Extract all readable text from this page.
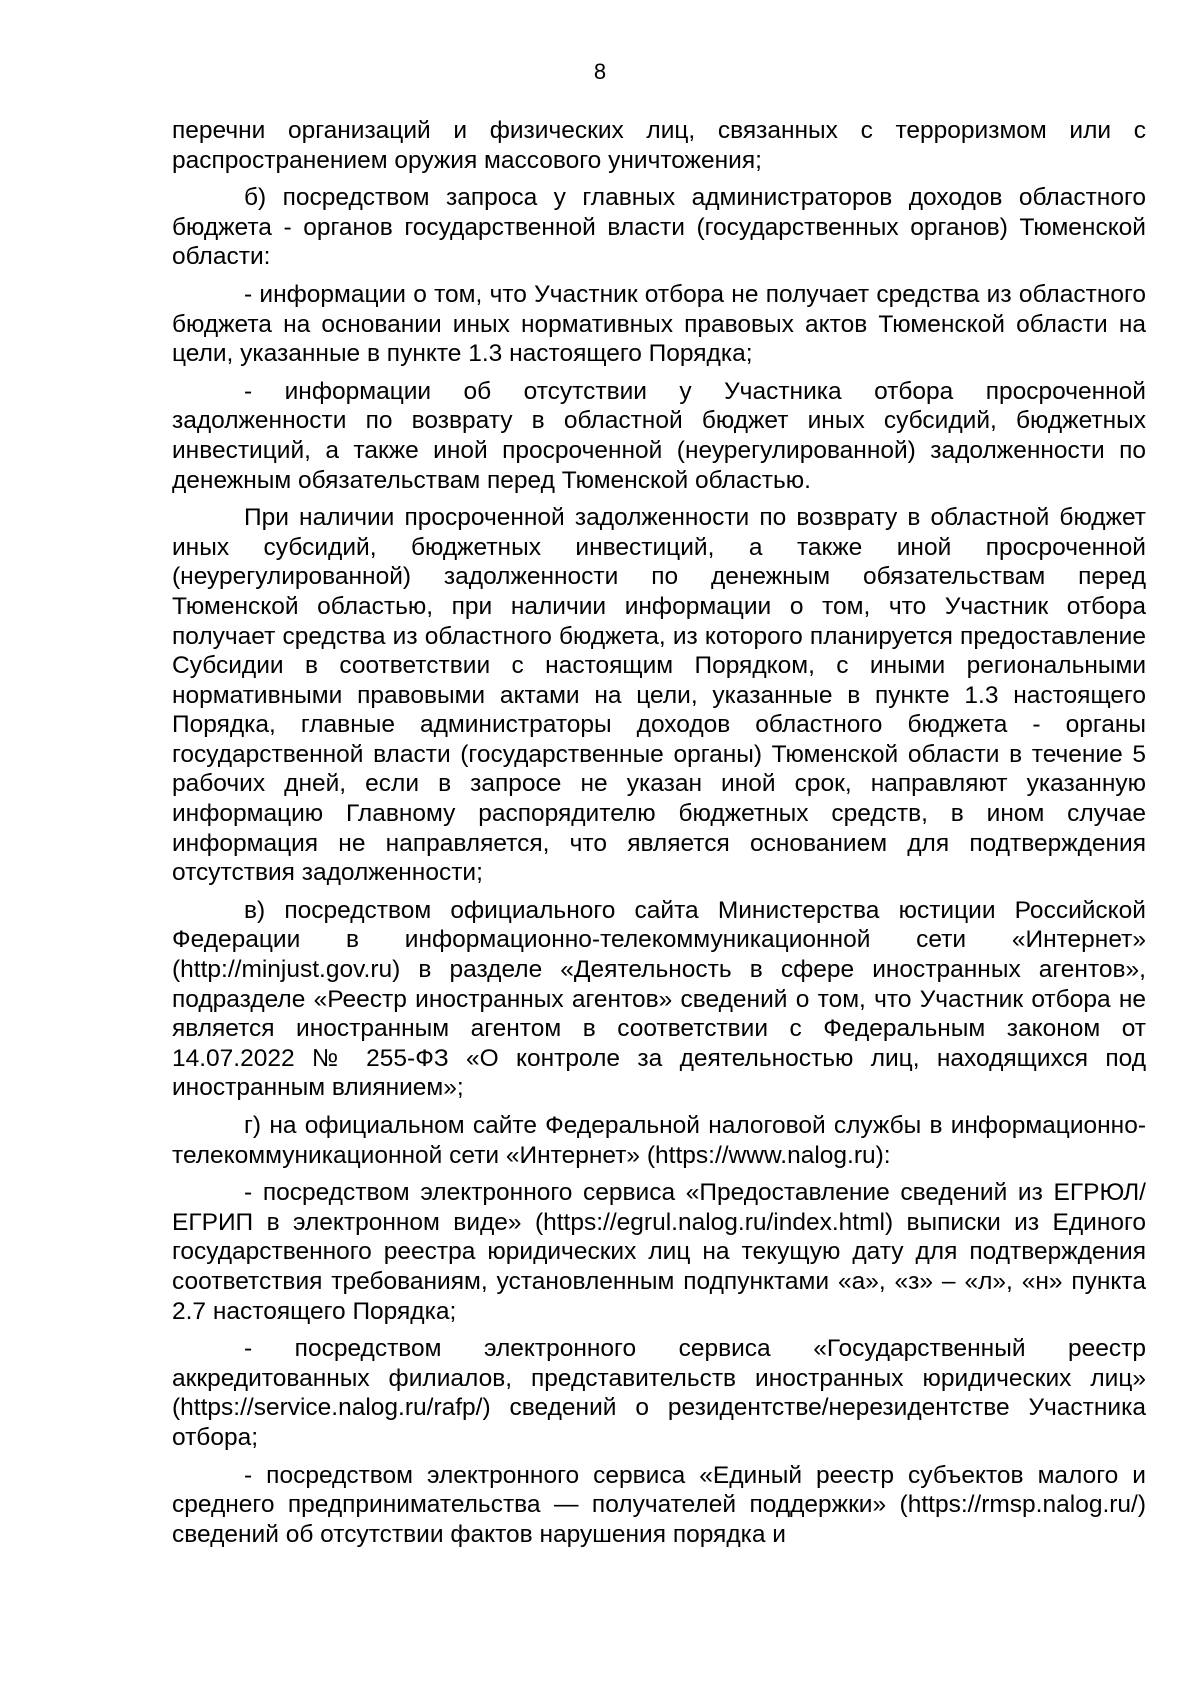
8

перечни организаций и физических лиц, связанных с терроризмом или с распространением оружия массового уничтожения;

б) посредством запроса у главных администраторов доходов областного бюджета - органов государственной власти (государственных органов) Тюменской области:

- информации о том, что Участник отбора не получает средства из областного бюджета на основании иных нормативных правовых актов Тюменской области на цели, указанные в пункте 1.3 настоящего Порядка;

- информации об отсутствии у Участника отбора просроченной задолженности по возврату в областной бюджет иных субсидий, бюджетных инвестиций, а также иной просроченной (неурегулированной) задолженности по денежным обязательствам перед Тюменской областью.

При наличии просроченной задолженности по возврату в областной бюджет иных субсидий, бюджетных инвестиций, а также иной просроченной (неурегулированной) задолженности по денежным обязательствам перед Тюменской областью, при наличии информации о том, что Участник отбора получает средства из областного бюджета, из которого планируется предоставление Субсидии в соответствии с настоящим Порядком, с иными региональными нормативными правовыми актами на цели, указанные в пункте 1.3 настоящего Порядка, главные администраторы доходов областного бюджета - органы государственной власти (государственные органы) Тюменской области в течение 5 рабочих дней, если в запросе не указан иной срок, направляют указанную информацию Главному распорядителю бюджетных средств, в ином случае информация не направляется, что является основанием для подтверждения отсутствия задолженности;

в) посредством официального сайта Министерства юстиции Российской Федерации в информационно-телекоммуникационной сети «Интернет» (http://minjust.gov.ru) в разделе «Деятельность в сфере иностранных агентов», подразделе «Реестр иностранных агентов» сведений о том, что Участник отбора не является иностранным агентом в соответствии с Федеральным законом от 14.07.2022 № 255-ФЗ «О контроле за деятельностью лиц, находящихся под иностранным влиянием»;

г) на официальном сайте Федеральной налоговой службы в информационно-телекоммуникационной сети «Интернет» (https://www.nalog.ru):

- посредством электронного сервиса «Предоставление сведений из ЕГРЮЛ/ЕГРИП в электронном виде» (https://egrul.nalog.ru/index.html) выписки из Единого государственного реестра юридических лиц на текущую дату для подтверждения соответствия требованиям, установленным подпунктами «а», «з» – «л», «н» пункта 2.7 настоящего Порядка;

- посредством электронного сервиса «Государственный реестр аккредитованных филиалов, представительств иностранных юридических лиц» (https://service.nalog.ru/rafp/) сведений о резидентстве/нерезидентстве Участника отбора;

- посредством электронного сервиса «Единый реестр субъектов малого и среднего предпринимательства — получателей поддержки» (https://rmsp.nalog.ru/) сведений об отсутствии фактов нарушения порядка и
